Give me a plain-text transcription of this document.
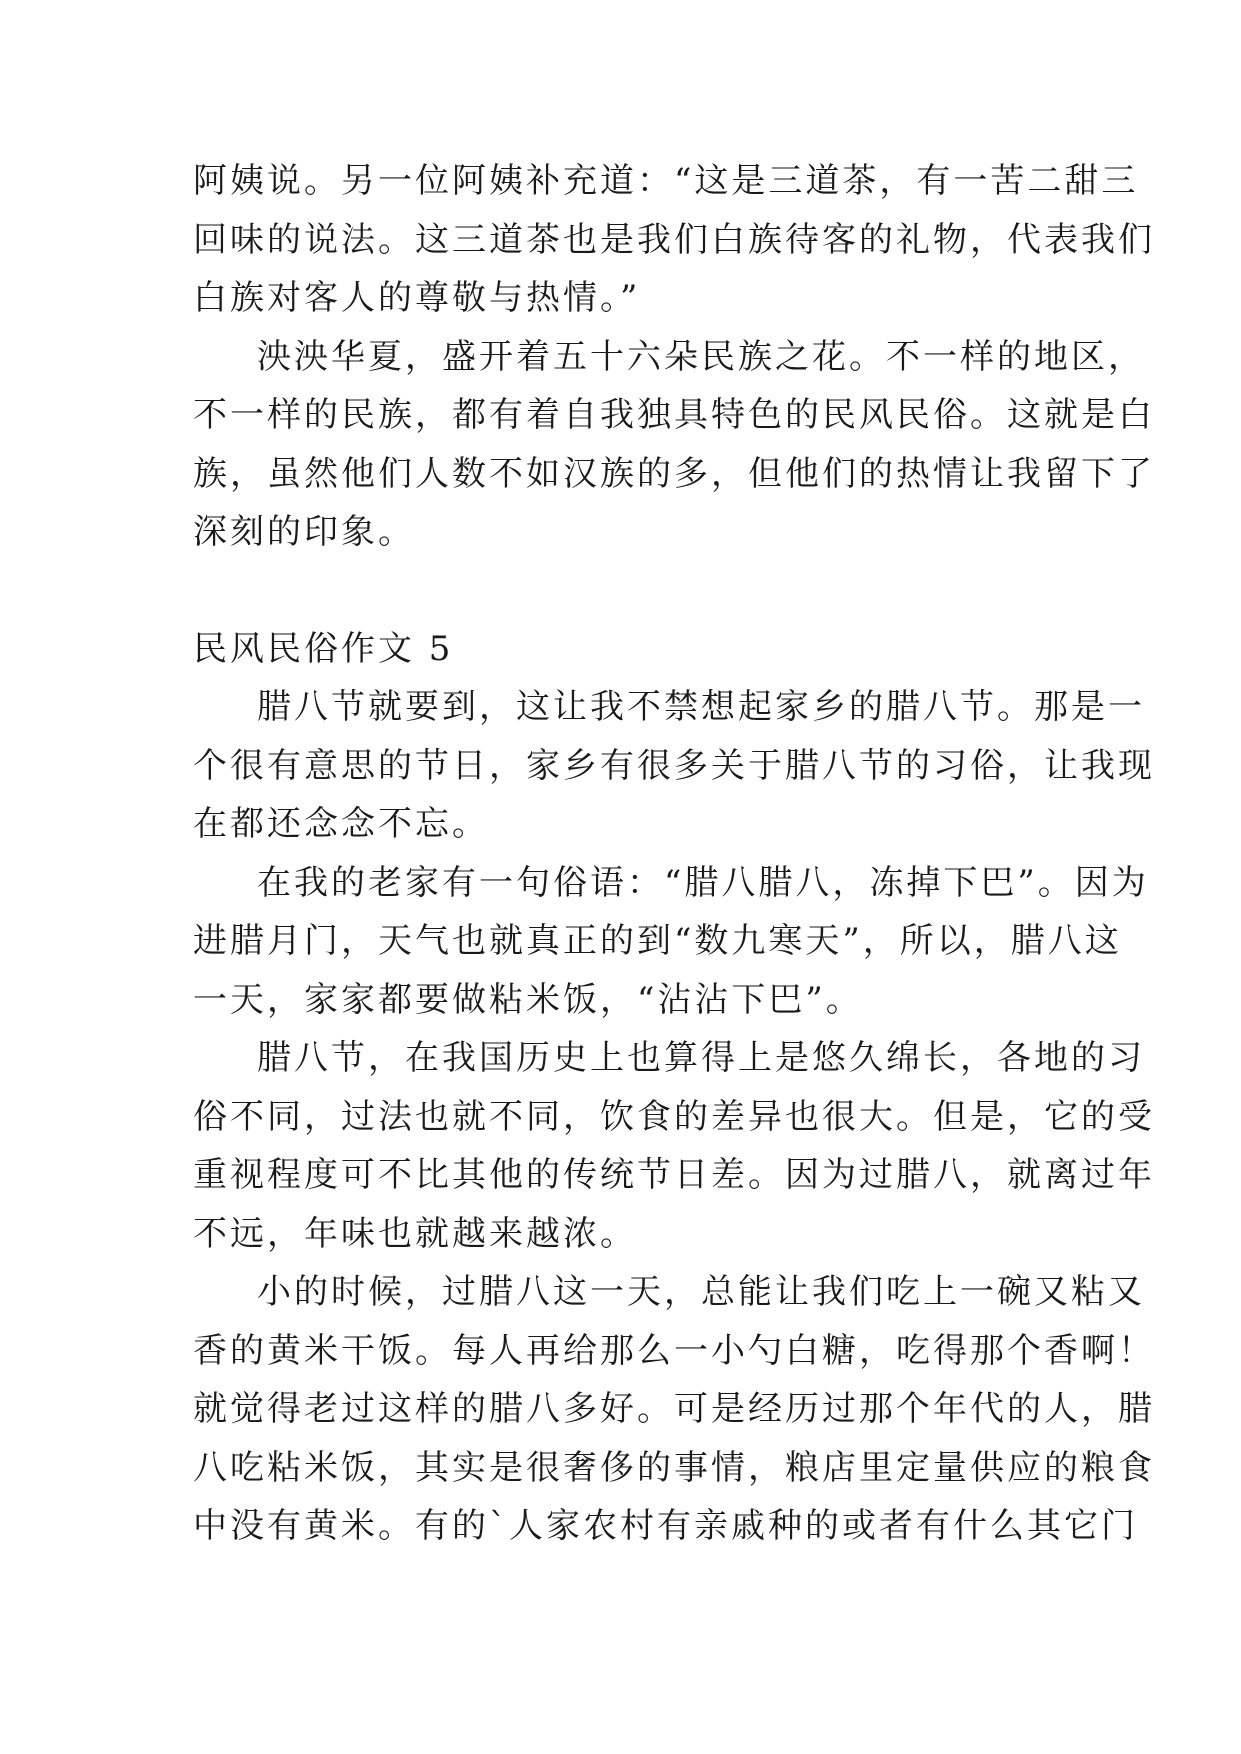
阿姨说。另一位阿姨补充道：“这是三道茶，有一苦二甜三
回味的说法。这三道茶也是我们白族待客的礼物，代表我们
白族对客人的尊敬与热情。”
泱泱华夏，盛开着五十六朵民族之花。不一样的地区，
不一样的民族，都有着自我独具特色的民风民俗。这就是白
族，虽然他们人数不如汉族的多，但他们的热情让我留下了
深刻的印象。
民风民俗作文 5
腊八节就要到，这让我不禁想起家乡的腊八节。那是一
个很有意思的节日，家乡有很多关于腊八节的习俗，让我现
在都还念念不忘。
在我的老家有一句俗语：“腊八腊八，冻掉下巴”。因为
进腊月门，天气也就真正的到“数九寒天”，所以，腊八这
一天，家家都要做粘米饭，“沾沾下巴”。
腊八节，在我国历史上也算得上是悠久绵长，各地的习
俗不同，过法也就不同，饮食的差异也很大。但是，它的受
重视程度可不比其他的传统节日差。因为过腊八，就离过年
不远，年味也就越来越浓。
小的时候，过腊八这一天，总能让我们吃上一碗又粘又
香的黄米干饭。每人再给那么一小勺白糖，吃得那个香啊！
就觉得老过这样的腊八多好。可是经历过那个年代的人，腊
八吃粘米饭，其实是很奢侈的事情，粮店里定量供应的粮食
中没有黄米。有的`人家农村有亲戚种的或者有什么其它门
